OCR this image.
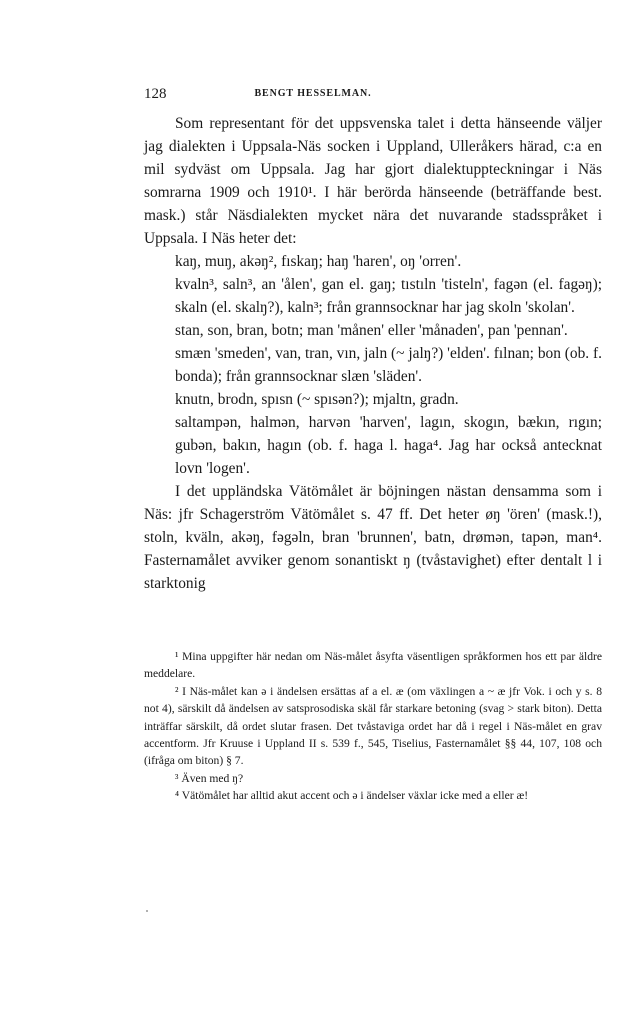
128	BENGT HESSELMAN.

Som representant för det uppsvenska talet i detta hänseende väljer jag dialekten i Uppsala-Näs socken i Uppland, Ulleråkers härad, c:a en mil sydväst om Uppsala. Jag har gjort dialektuppteckningar i Näs somrarna 1909 och 1910¹. I här berörda hänseende (beträffande best. mask.) står Näsdialekten mycket nära det nuvarande stadsspråket i Uppsala. I Näs heter det:

kaŋ, muŋ, akəŋ², fıskaŋ; haŋ 'haren', oŋ 'orren'.

kvaln³, saln³, an 'ålen', gan el. gaŋ; tıstıln 'tisteln', fagən (el. fagəŋ); skaln (el. skalŋ?), kaln³; från grannsocknar har jag skoln 'skolan'.

stan, son, bran, botn; man 'månen' eller 'månaden', pan 'pennan'.

smæn 'smeden', van, tran, vın, jaln (~ jalŋ?) 'elden'. fılnan; bon (ob. f. bonda); från grannsocknar slæn 'släden'.

knutn, brodn, spısn (~ spısən?); mjaltn, gradn.

saltampən, halmən, harvən 'harven', lagın, skogın, bækın, rıgın; gubən, bakın, hagın (ob. f. haga l. haga⁴. Jag har också antecknat lovn 'logen'.

I det uppländska Vätömålet är böjningen nästan densamma som i Näs: jfr Schagerström Vätömålet s. 47 ff. Det heter øŋ 'ören' (mask.!), stoln, kväln, akəŋ, fəgəln, bran 'brunnen', batn, drømən, tapən, man⁴. Fasternamålet avviker genom sonantiskt ŋ (tvåstavighet) efter dentalt l i starktonig

¹ Mina uppgifter här nedan om Näs-målet åsyfta väsentligen språkformen hos ett par äldre meddelare.

² I Näs-målet kan ə i ändelsen ersättas af a el. æ (om växlingen a ~ æ jfr Vok. i och y s. 8 not 4), särskilt då ändelsen av satsprosodiska skäl får starkare betoning (svag > stark biton). Detta inträffar särskilt, då ordet slutar frasen. Det tvåstaviga ordet har då i regel i Näs-målet en grav accentform. Jfr Kruuse i Uppland II s. 539 f., 545, Tiselius, Fasternamålet §§ 44, 107, 108 och (ifråga om biton) § 7.

³ Även med ŋ?

⁴ Vätömålet har alltid akut accent och ə i ändelser växlar icke med a eller æ!
